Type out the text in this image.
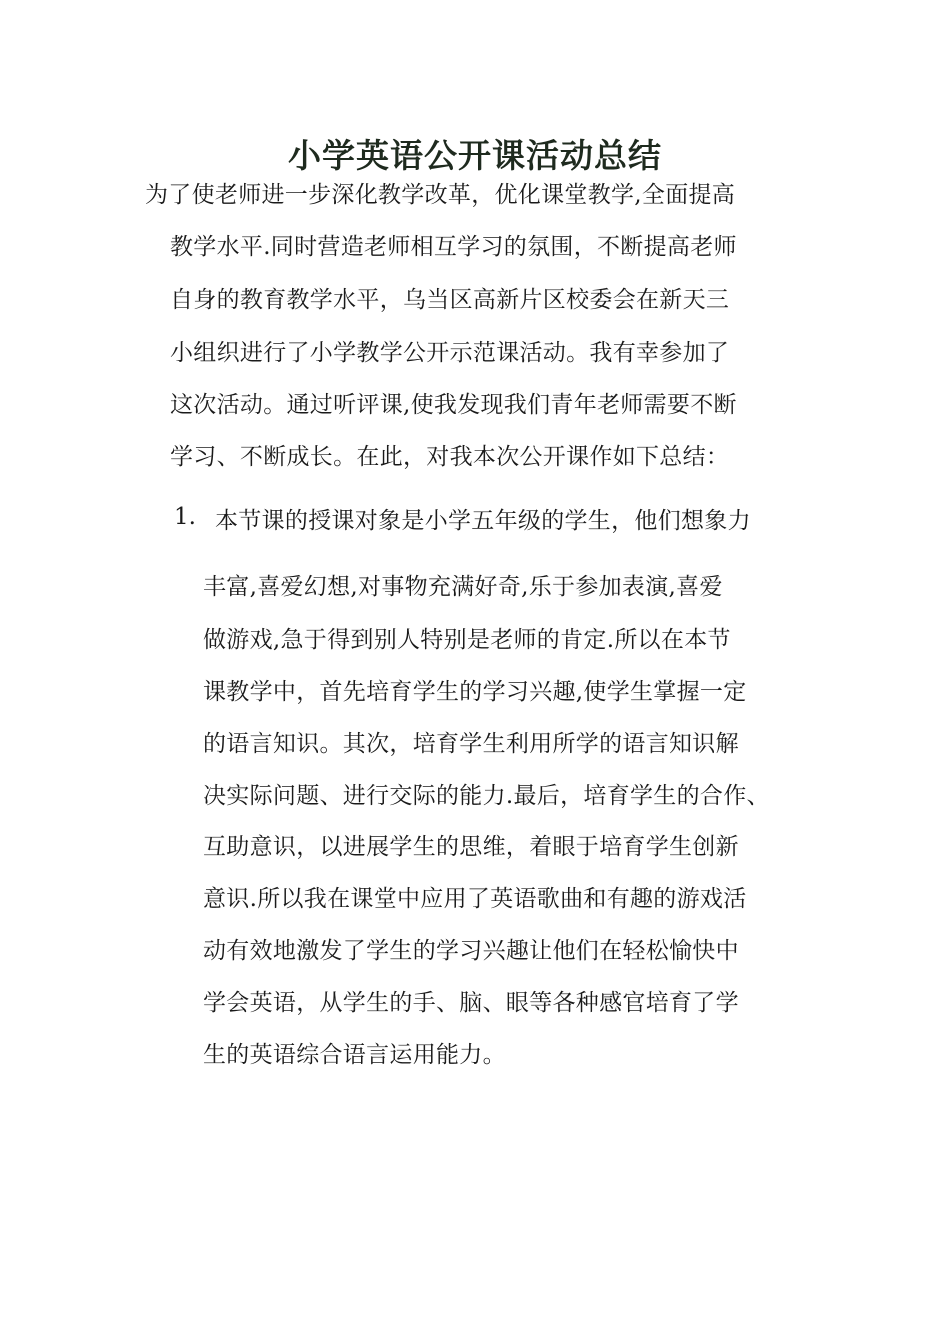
小学英语公开课活动总结
为了使老师进一步深化教学改革，优化课堂教学,全面提高
教学水平.同时营造老师相互学习的氛围，不断提高老师
自身的教育教学水平，乌当区高新片区校委会在新天三
小组织进行了小学教学公开示范课活动。我有幸参加了
这次活动。通过听评课,使我发现我们青年老师需要不断
学习、不断成长。在此，对我本次公开课作如下总结：
1. 本节课的授课对象是小学五年级的学生，他们想象力
丰富,喜爱幻想,对事物充满好奇,乐于参加表演,喜爱
做游戏,急于得到别人特别是老师的肯定.所以在本节
课教学中，首先培育学生的学习兴趣,使学生掌握一定
的语言知识。其次，培育学生利用所学的语言知识解
决实际问题、进行交际的能力.最后，培育学生的合作、
互助意识，以进展学生的思维，着眼于培育学生创新
意识.所以我在课堂中应用了英语歌曲和有趣的游戏活
动有效地激发了学生的学习兴趣让他们在轻松愉快中
学会英语，从学生的手、脑、眼等各种感官培育了学
生的英语综合语言运用能力。
